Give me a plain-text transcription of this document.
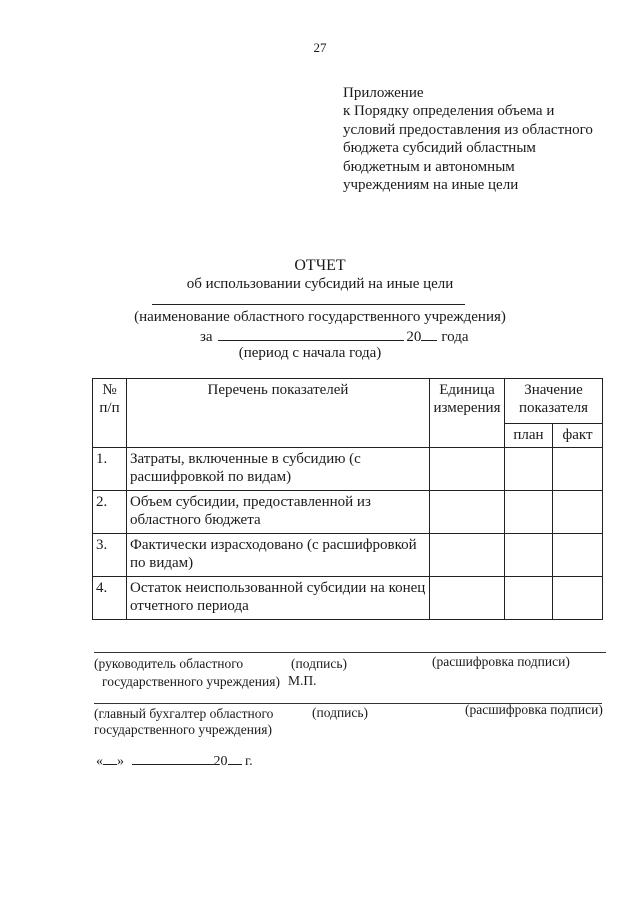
27
Приложение
к Порядку определения объема и
условий предоставления из областного
бюджета субсидий областным
бюджетным и автономным
учреждениям на иные цели
ОТЧЕТ
об использовании субсидий на иные цели
(наименование областного государственного учреждения)
за	20 года
(период с начала года)
№ п/п	Перечень показателей	Единица измерения	Значение показателя	
			план	факт
1.	Затраты, включенные в субсидию (с расшифровкой по видам)			
2.	Объем субсидии, предоставленной из областного бюджета			
3.	Фактически израсходовано (с расшифровкой по видам)			
4.	Остаток неиспользованной субсидии на конец отчетного периода			
(руководитель областного
государственного учреждения)
(подпись)
М.П.
(расшифровка подписи)
(главный бухгалтер областного
государственного учреждения)
(подпись)	(расшифровка подписи)
« »	20 г.
